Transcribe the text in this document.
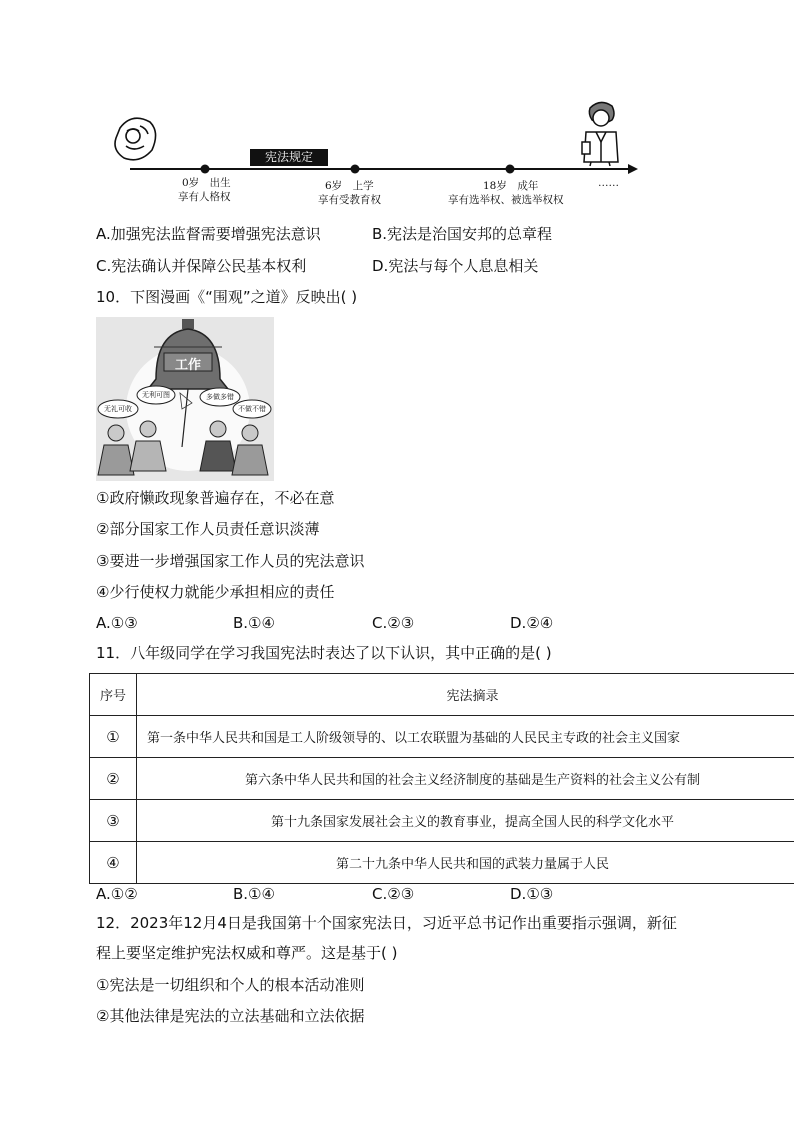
宪法规定
0岁　出生
享有人格权
6岁　上学
享有受教育权
18岁　成年
享有选举权、被选举权权
……
A.加强宪法监督需要增强宪法意识	B.宪法是治国安邦的总章程
C.宪法确认并保障公民基本权利	D.宪法与每个人息息相关
10．下图漫画《“围观”之道》反映出( )
工作
无礼可收
无利可图	多做多错
不做不错
①政府懒政现象普遍存在，不必在意
②部分国家工作人员责任意识淡薄
③要进一步增强国家工作人员的宪法意识
④少行使权力就能少承担相应的责任
A.①③	B.①④	C.②③	D.②④
11．八年级同学在学习我国宪法时表达了以下认识，其中正确的是( )
序号	宪法摘录
①	第一条中华人民共和国是工人阶级领导的、以工农联盟为基础的人民民主专政的社会主义国家
②	第六条中华人民共和国的社会主义经济制度的基础是生产资料的社会主义公有制
③	第十九条国家发展社会主义的教育事业，提高全国人民的科学文化水平
④	第二十九条中华人民共和国的武装力量属于人民
A.①②	B.①④	C.②③	D.①③
12．2023年12月4日是我国第十个国家宪法日，习近平总书记作出重要指示强调，新征
程上要坚定维护宪法权威和尊严。这是基于( )
①宪法是一切组织和个人的根本活动准则
②其他法律是宪法的立法基础和立法依据
